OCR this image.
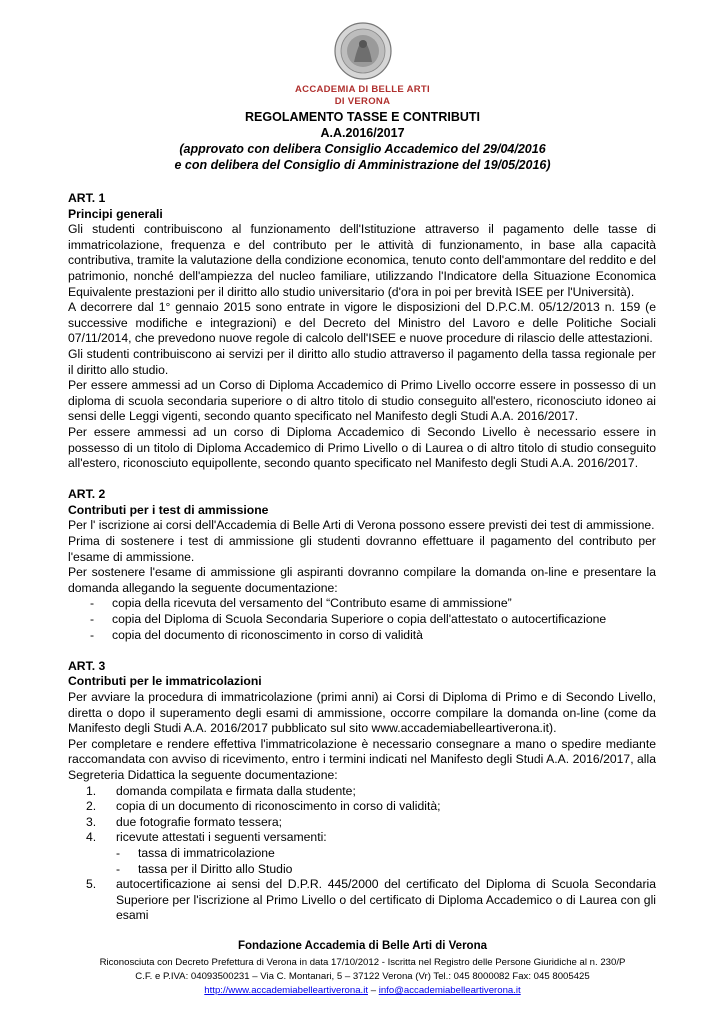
ACCADEMIA DI BELLE ARTI
DI VERONA
REGOLAMENTO TASSE E CONTRIBUTI
A.A.2016/2017
(approvato con delibera Consiglio Accademico del 29/04/2016
e con delibera del Consiglio di Amministrazione del 19/05/2016)
ART. 1
Principi generali

Gli studenti contribuiscono al funzionamento dell'Istituzione attraverso il pagamento delle tasse di immatricolazione, frequenza e del contributo per le attività di funzionamento, in base alla capacità contributiva, tramite la valutazione della condizione economica, tenuto conto dell'ammontare del reddito e del patrimonio, nonché dell'ampiezza del nucleo familiare, utilizzando l'Indicatore della Situazione Economica Equivalente prestazioni per il diritto allo studio universitario (d'ora in poi per brevità ISEE per l'Università).

A decorrere dal 1° gennaio 2015 sono entrate in vigore le disposizioni del D.P.C.M. 05/12/2013 n. 159 (e successive modifiche e integrazioni) e del Decreto del Ministro del Lavoro e delle Politiche Sociali 07/11/2014, che prevedono nuove regole di calcolo dell'ISEE e nuove procedure di rilascio delle attestazioni.

Gli studenti contribuiscono ai servizi per il diritto allo studio attraverso il pagamento della tassa regionale per il diritto allo studio.

Per essere ammessi ad un Corso di Diploma Accademico di Primo Livello occorre essere in possesso di un diploma di scuola secondaria superiore o di altro titolo di studio conseguito all'estero, riconosciuto idoneo ai sensi delle Leggi vigenti, secondo quanto specificato nel Manifesto degli Studi A.A. 2016/2017.

Per essere ammessi ad un corso di Diploma Accademico di Secondo Livello è necessario essere in possesso di un titolo di Diploma Accademico di Primo Livello o di Laurea o di altro titolo di studio conseguito all'estero, riconosciuto equipollente, secondo quanto specificato nel Manifesto degli Studi A.A. 2016/2017.

ART. 2
Contributi per i test di ammissione

Per l' iscrizione ai corsi dell'Accademia di Belle Arti di Verona possono essere previsti dei test di ammissione.

Prima di sostenere i test di ammissione gli studenti dovranno effettuare il pagamento del contributo per l'esame di ammissione.

Per sostenere l'esame di ammissione gli aspiranti dovranno compilare la domanda on-line e presentare la domanda allegando la seguente documentazione:

-	copia della ricevuta del versamento del “Contributo esame di ammissione”
-	copia del Diploma di Scuola Secondaria Superiore o copia dell'attestato o autocertificazione
-	copia del documento di riconoscimento in corso di validità
ART. 3
Contributi per le immatricolazioni

Per avviare la procedura di immatricolazione (primi anni) ai Corsi di Diploma di Primo e di Secondo Livello, diretta o dopo il superamento degli esami di ammissione, occorre compilare la domanda on-line (come da Manifesto degli Studi A.A. 2016/2017 pubblicato sul sito www.accademiabelleartiverona.it).

Per completare e rendere effettiva l'immatricolazione è necessario consegnare a mano o spedire mediante raccomandata con avviso di ricevimento, entro i termini indicati nel Manifesto degli Studi A.A. 2016/2017, alla Segreteria Didattica la seguente documentazione:

1.	domanda compilata e firmata dalla studente;
2.	copia di un documento di riconoscimento in corso di validità;
3.	due fotografie formato tessera;
4.	ricevute attestati i seguenti versamenti:
-	tassa di immatricolazione
-	tassa per il Diritto allo Studio
5.	autocertificazione ai sensi del D.P.R. 445/2000 del certificato del Diploma di Scuola Secondaria Superiore per l'iscrizione al Primo Livello o del certificato di Diploma Accademico o di Laurea con gli esami
Fondazione Accademia di Belle Arti di Verona
Riconosciuta con Decreto Prefettura di Verona in data 17/10/2012 - Iscritta nel Registro delle Persone Giuridiche al n. 230/P
C.F. e P.IVA: 04093500231 – Via C. Montanari, 5 – 37122 Verona (Vr) Tel.: 045 8000082 Fax: 045 8005425
http://www.accademiabelleartiverona.it – info@accademiabelleartiverona.it
